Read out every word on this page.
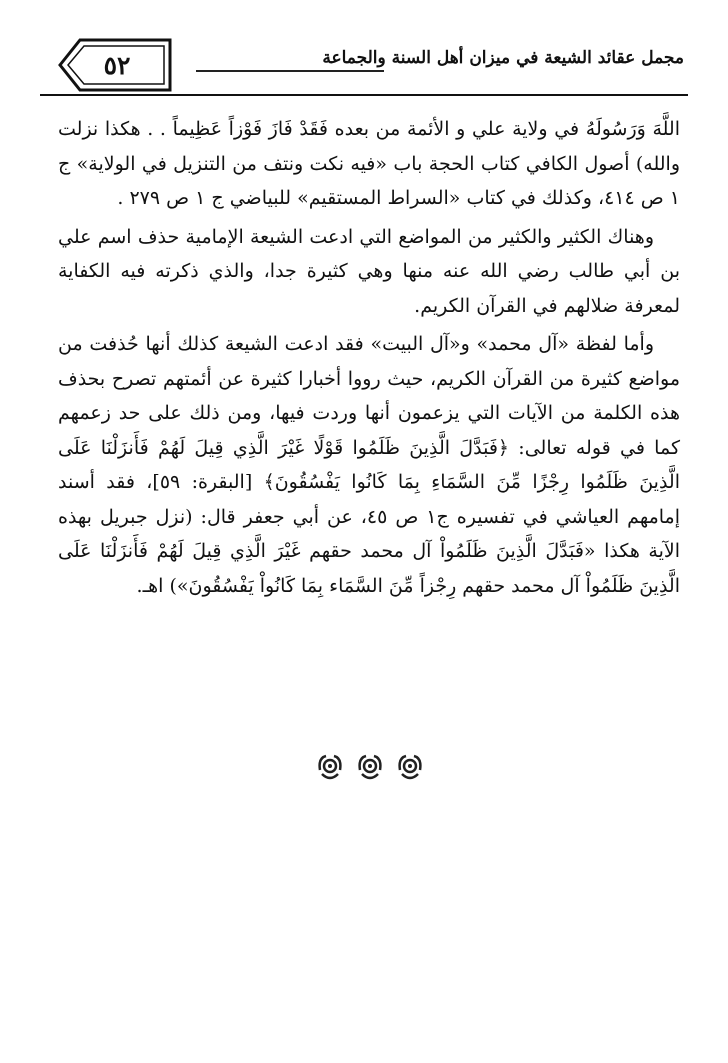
٥٢	مجمل عقائد الشيعة في ميزان أهل السنة والجماعة

اللَّهَ وَرَسُولَهُ في ولاية علي و الأئمة من بعده فَقَدْ فَازَ فَوْزاً عَظِيماً . . هكذا نزلت والله) أصول الكافي كتاب الحجة باب «فيه نكت ونتف من التنزيل في الولاية» ج ١ ص ٤١٤، وكذلك في كتاب «السراط المستقيم» للبياضي ج ١ ص ٢٧٩ .

وهناك الكثير والكثير من المواضع التي ادعت الشيعة الإمامية حذف اسم علي بن أبي طالب رضي الله عنه منها وهي كثيرة جدا، والذي ذكرته فيه الكفاية لمعرفة ضلالهم في القرآن الكريم.

وأما لفظة «آل محمد» و«آل البيت» فقد ادعت الشيعة كذلك أنها حُذفت من مواضع كثيرة من القرآن الكريم، حيث رووا أخبارا كثيرة عن أئمتهم تصرح بحذف هذه الكلمة من الآيات التي يزعمون أنها وردت فيها، ومن ذلك على حد زعمهم كما في قوله تعالى: ﴿فَبَدَّلَ الَّذِينَ ظَلَمُوا قَوْلًا غَيْرَ الَّذِي قِيلَ لَهُمْ فَأَنزَلْنَا عَلَى الَّذِينَ ظَلَمُوا رِجْزًا مِّنَ السَّمَاءِ بِمَا كَانُوا يَفْسُقُونَ﴾ [البقرة: ٥٩]، فقد أسند إمامهم العياشي في تفسيره ج١ ص ٤٥، عن أبي جعفر قال: (نزل جبريل بهذه الآية هكذا «فَبَدَّلَ الَّذِينَ ظَلَمُواْ آل محمد حقهم غَيْرَ الَّذِي قِيلَ لَهُمْ فَأَنزَلْنَا عَلَى الَّذِينَ ظَلَمُواْ آل محمد حقهم رِجْزاً مِّنَ السَّمَاء بِمَا كَانُواْ يَفْسُقُونَ») اهـ.
